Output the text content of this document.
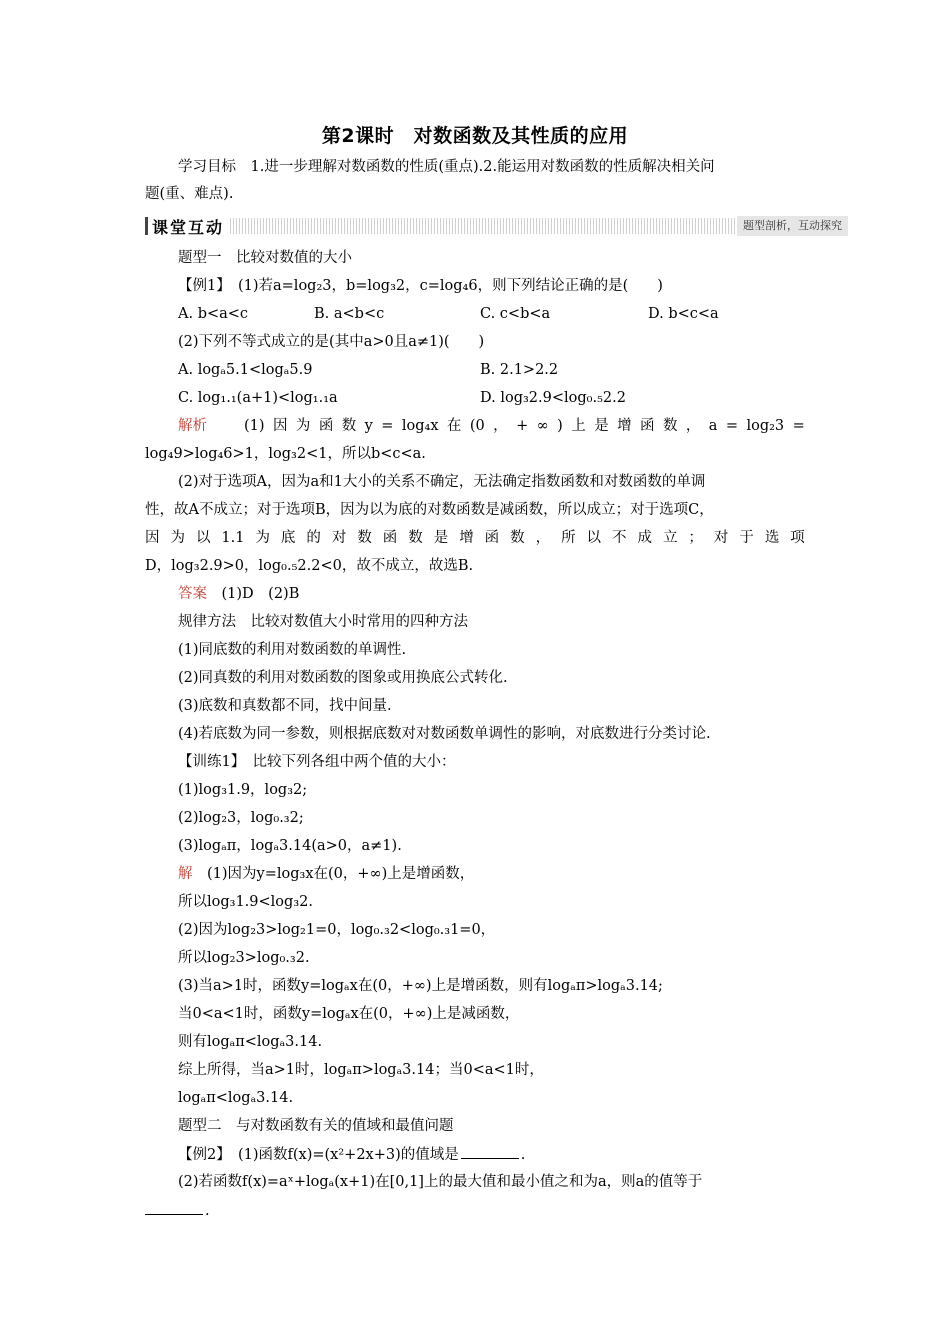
第2课时　对数函数及其性质的应用
学习目标　1.进一步理解对数函数的性质(重点).2.能运用对数函数的性质解决相关问
题(重、难点).
课堂互动	题型剖析，互动探究
题型一　比较对数值的大小
【例1】　(1)若a=log₂3，b=log₃2，c=log₄6，则下列结论正确的是(　　)
A. b<a<c	B. a<b<c	C. c<b<a	D. b<c<a
(2)下列不等式成立的是(其中a>0且a≠1)(　　)
A. logₐ5.1<logₐ5.9	B. 2.1>2.2
C. log₁.₁(a+1)<log₁.₁a	D. log₃2.9<log₀.₅2.2
解析	(1) 因 为 函 数 y = log₄x 在 (0 ， + ∞ ) 上 是 增 函 数 ， a = log₂3 =
log₄9>log₄6>1，log₃2<1，所以b<c<a.
(2)对于选项A，因为a和1大小的关系不确定，无法确定指数函数和对数函数的单调
性，故A不成立；对于选项B，因为以为底的对数函数是减函数，所以成立；对于选项C，
因 为 以 1.1 为 底 的 对 数 函 数 是 增 函 数 ， 所 以 不 成 立 ； 对 于 选 项
D，log₃2.9>0，log₀.₅2.2<0，故不成立，故选B.
答案　(1)D　(2)B
规律方法　比较对数值大小时常用的四种方法
(1)同底数的利用对数函数的单调性.
(2)同真数的利用对数函数的图象或用换底公式转化.
(3)底数和真数都不同，找中间量.
(4)若底数为同一参数，则根据底数对对数函数单调性的影响，对底数进行分类讨论.
【训练1】　比较下列各组中两个值的大小：
(1)log₃1.9，log₃2;
(2)log₂3，log₀.₃2;
(3)logₐπ，logₐ3.14(a>0，a≠1).
解　(1)因为y=log₃x在(0，+∞)上是增函数，
所以log₃1.9<log₃2.
(2)因为log₂3>log₂1=0，log₀.₃2<log₀.₃1=0，
所以log₂3>log₀.₃2.
(3)当a>1时，函数y=logₐx在(0，+∞)上是增函数，则有logₐπ>logₐ3.14;
当0<a<1时，函数y=logₐx在(0，+∞)上是减函数，
则有logₐπ<logₐ3.14.
综上所得，当a>1时，logₐπ>logₐ3.14；当0<a<1时，
logₐπ<logₐ3.14.
题型二　与对数函数有关的值域和最值问题
【例2】　(1)函数f(x)=(x²+2x+3)的值域是	.
(2)若函数f(x)=aˣ+logₐ(x+1)在[0,1]上的最大值和最小值之和为a，则a的值等于
.
